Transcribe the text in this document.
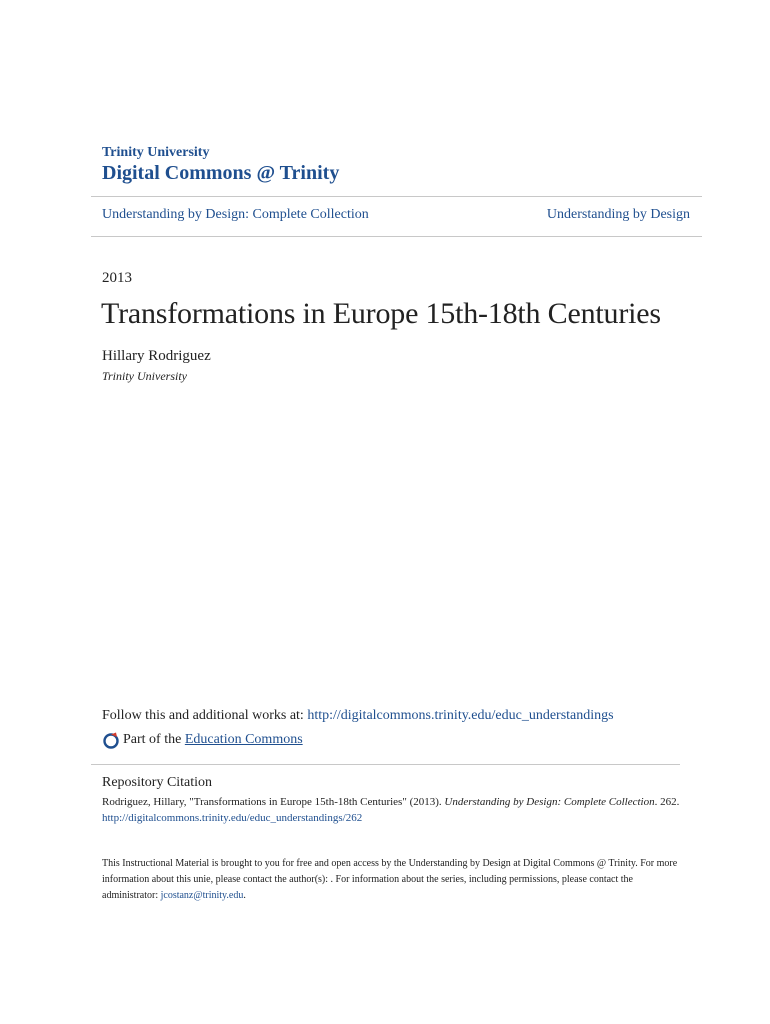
Trinity University
Digital Commons @ Trinity
Understanding by Design: Complete Collection	Understanding by Design
2013
Transformations in Europe 15th-18th Centuries
Hillary Rodriguez
Trinity University
Follow this and additional works at: http://digitalcommons.trinity.edu/educ_understandings
Part of the
Education Commons
Repository Citation
Rodriguez, Hillary, "Transformations in Europe 15th-18th Centuries" (2013). Understanding by Design: Complete Collection. 262.
http://digitalcommons.trinity.edu/educ_understandings/262
This Instructional Material is brought to you for free and open access by the Understanding by Design at Digital Commons @ Trinity. For more information about this unie, please contact the author(s): . For information about the series, including permissions, please contact the administrator: jcostanz@trinity.edu.
